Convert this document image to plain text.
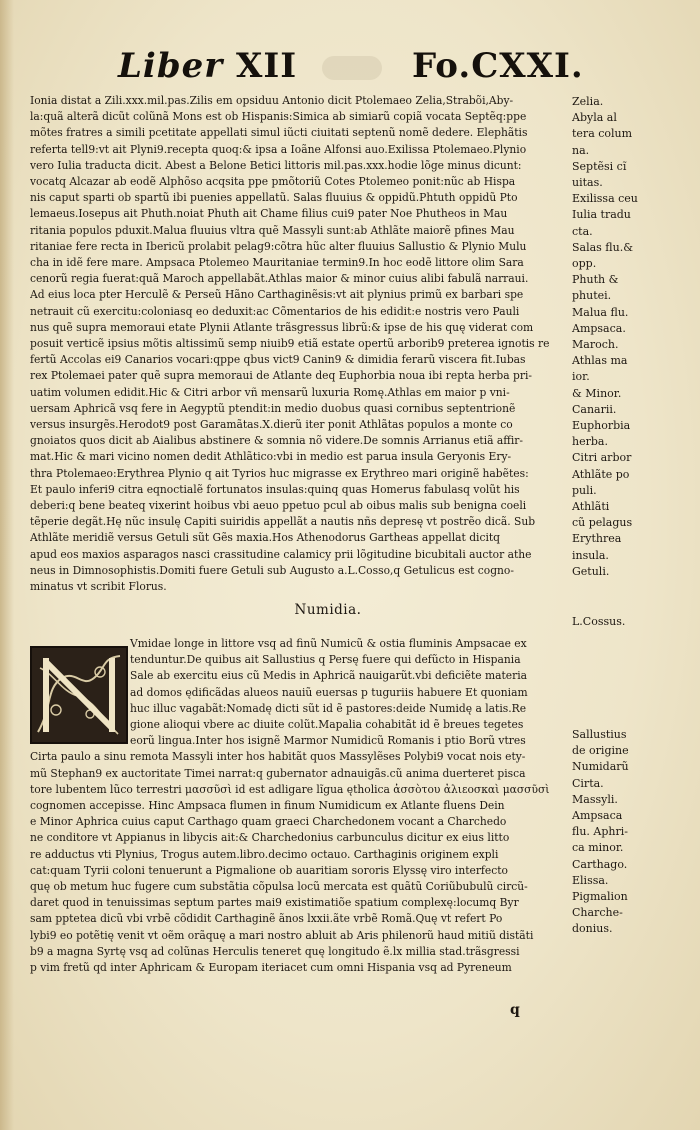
Liber XII	Fo.CXXI.
Ionia distat a Zili.xxx.mil.pas.Zilis em opsiduu Antonio dicit Ptolemaeo Zelia,Strabõi,Aby-
la:quã alterã dicũt colũnã Mons est ob Hispanis:Simica ab simiarũ copiã vocata Septẽq:ppe
mõtes fratres a simili pcetitate appellati simul iũcti ciuitati septenũ nomẽ dedere. Elephãtis
referta tell9:vt ait Plyni9.recepta quoq:& ipsa a Ioãne Alfonsi auo.Exilissa Ptolemaeo.Plynio
vero Iulia traducta dicit. Abest a Belone Betici littoris mil.pas.xxx.hodie lõge minus dicunt:
vocatq Alcazar ab eodẽ Alphõso acqsita ppe pmõtoriũ Cotes Ptolemeo ponit:nũc ab Hispa
nis caput sparti ob spartũ ibi puenies appellatũ. Salas fluuius & oppidũ.Phtuth oppidũ Pto
lemaeus.Iosepus ait Phuth.noiat Phuth ait Chame filius cui9 pater Noe Phutheos in Mau
ritania populos pduxit.Malua fluuius vltra quẽ Massyli sunt:ab Athlãte maiorẽ pfines Mau
ritaniae fere recta in Ibericũ prolabit pelag9:cõtra hũc alter fluuius Sallustio & Plynio Mulu
cha in idẽ fere mare. Ampsaca Ptolemeo Mauritaniae termin9.In hoc eodẽ littore olim Sara
cenorũ regia fuerat:quã Maroch appellabãt.Athlas maior & minor cuius alibi fabulã narraui.
Ad eius loca pter Herculẽ & Perseũ Hãno Carthaginẽsis:vt ait plynius primũ ex barbari spe
netrauit cũ exercitu:coloniasq eo deduxit:ac Cõmentarios de his edidit:e nostris vero Pauli
nus quẽ supra memoraui etate Plynii Atlante trãsgressus librũ:& ipse de his quę viderat com
posuit verticẽ ipsius mõtis altissimũ semp niuib9 etiã estate opertũ arborib9 preterea ignotis re
fertũ Accolas ei9 Canarios vocari:qppe qbus vict9 Canin9 & dimidia ferarũ viscera fit.Iubas
rex Ptolemaei pater quẽ supra memoraui de Atlante deq Euphorbia noua ibi repta herba pri-
uatim volumen edidit.Hic & Citri arbor vñ mensarũ luxuria Romę.Athlas em maior p vni-
uersam Aphricã vsq fere in Aegyptũ ptendit:in medio duobus quasi cornibus septentrionẽ
versus insurgẽs.Herodot9 post Garamãtas.X.dierũ iter ponit Athlãtas populos a monte co
gnoiatos quos dicit ab Aialibus abstinere & somnia nõ videre.De somnis Arrianus etiã affir-
mat.Hic & mari vicino nomen dedit Athlãtico:vbi in medio est parua insula Geryonis Ery-
thra Ptolemaeo:Erythrea Plynio q ait Tyrios huc migrasse ex Erythreo mari originẽ habẽtes:
Et paulo inferi9 citra eqnoctialẽ fortunatos insulas:quinq quas Homerus fabulasq volũt his
deberi:q bene beateq vixerint hoibus vbi aeuo ppetuo pcul ab oibus malis sub benigna coeli
tẽperie degãt.Hę nũc insulę Capiti suiridis appellãt a nautis nñs depresę vt postrẽo dicã. Sub
Athlãte meridiẽ versus Getuli sũt Gẽs maxia.Hos Athenodorus Gartheas appellat dicitq
apud eos maxios asparagos nasci crassitudine calamicy prii lõgitudine bicubitali auctor athe
neus in Dimnosophistis.Domiti fuere Getuli sub Augusto a.L.Cosso,q Getulicus est cogno-
minatus vt scribit Florus.
Numidia.
Vmidae longe in littore vsq ad finũ Numicũ & ostia fluminis Ampsacae ex
tenduntur.De quibus ait Sallustius q Persę fuere qui defũcto in Hispania
Sale ab exercitu eius cũ Medis in Aphricã nauigarũt.vbi deficiẽte materia
ad domos ędificãdas alueos nauiũ euersas p tuguriis habuere Et quoniam
huc illuc vagabãt:Nomadę dicti sũt id ẽ pastores:deide Numidę a latis.Re
gione alioqui vbere ac diuite colũt.Mapalia cohabitãt id ẽ breues tegetes
eorũ lingua.Inter hos isignẽ Marmor Numidicũ Romanis i ptio Borũ vtres
Cirta paulo a sinu remota Massyli inter hos habitãt quos Massylẽses Polybi9 vocat nois ety-
mũ Stephan9 ex auctoritate Timei narrat:q gubernator adnauigãs.cũ anima duerteret pisca
tore lubentem lũco terrestri μασσῦσὶ id est adligare lĩgua ętholica ἀσσὸτου ἀλιεοσκαὶ μασσῦσὶ
cognomen accepisse. Hinc Ampsaca flumen in finum Numidicum ex Atlante fluens Dein
e Minor Aphrica cuius caput Carthago quam graeci Charchedonem vocant a Charchedo
ne conditore vt Appianus in libycis ait:& Charchedonius carbunculus dicitur ex eius litto
re adductus vti Plynius, Trogus autem.libro.decimo octauo. Carthaginis originem expli
cat:quam Tyrii coloni tenuerunt a Pigmalione ob auaritiam sororis Elyssę viro interfecto
quę ob metum huc fugere cum substãtia cõpulsa locũ mercata est quãtũ Coriũbubulũ circũ-
daret quod in tenuissimas septum partes mai9 existimatiõe spatium complexę:locumq Byr
sam pptetea dicũ vbi vrbẽ cõdidit Carthaginẽ ãnos lxxii.ãte vrbẽ Romã.Quę vt refert Po
lybi9 eo potẽtię venit vt oẽm orãquę a mari nostro abluit ab Aris philenorũ haud mitiũ distãti
b9 a magna Syrtę vsq ad colũnas Herculis teneret quę longitudo ẽ.lx millia stad.trãsgressi
p vim fretũ qd inter Aphricam & Europam iteriacet cum omni Hispania vsq ad Pyreneum
Zelia.
Abyla al
tera colum
na.
Septẽsi cĩ
uitas.
Exilissa ceu
Iulia tradu
cta.
Salas flu.&
opp.
Phuth &
phutei.
Malua flu.
Ampsaca.
Maroch.
Athlas ma
ior.
& Minor.
Canarii.
Euphorbia
herba.
Citri arbor
Athlãte po
puli.
Athlãti
cũ pelagus
Erythrea
insula.
Getuli.
L.Cossus.
Sallustius
de origine
Numidarũ
Cirta.
Massyli.
Ampsaca
flu. Aphri-
ca minor.
Carthago.
Elissa.
Pigmalion
Charche-
donius.
q
